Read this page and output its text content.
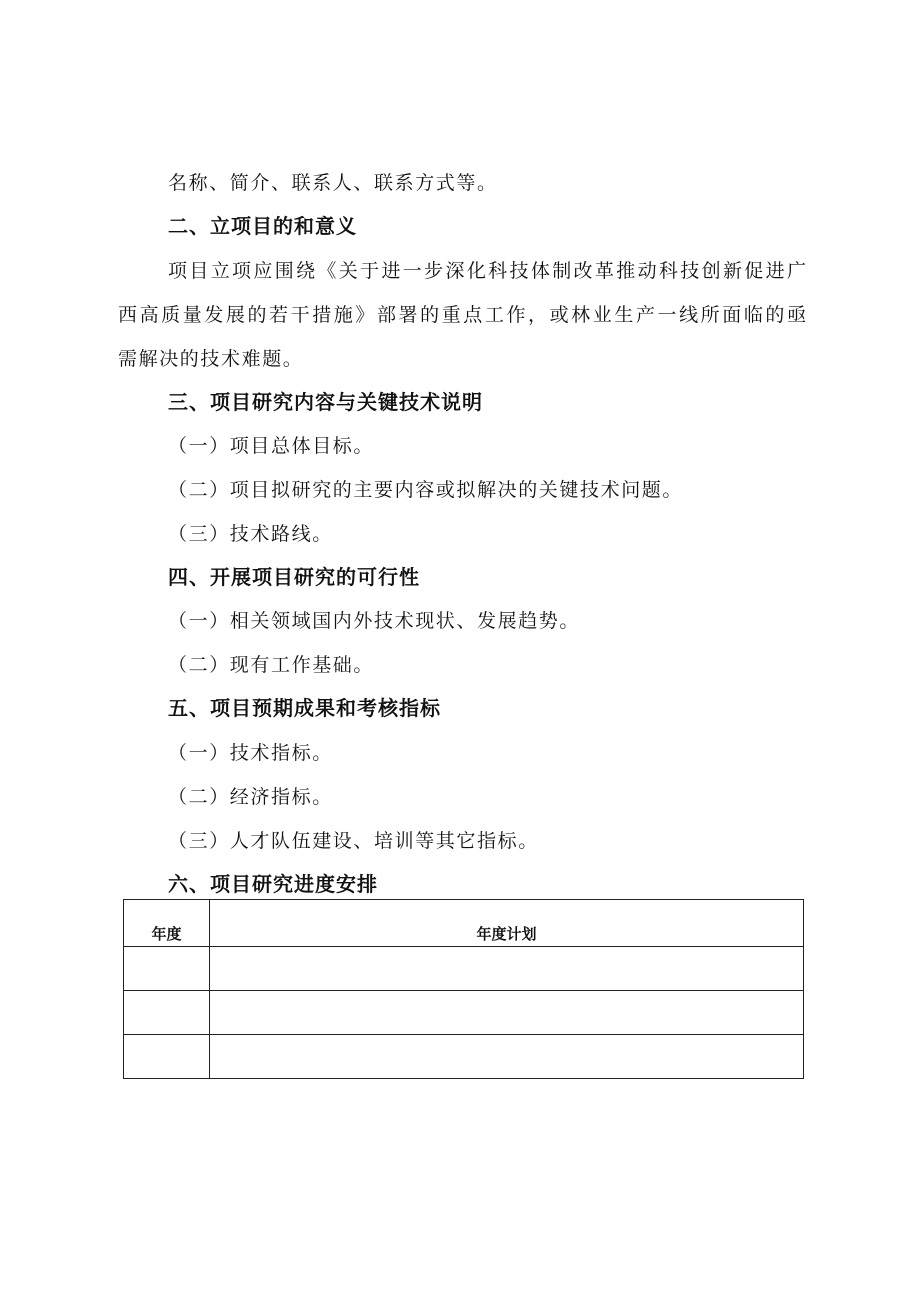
名称、简介、联系人、联系方式等。
二、立项目的和意义
项目立项应围绕《关于进一步深化科技体制改革推动科技创新促进广
西高质量发展的若干措施》部署的重点工作，或林业生产一线所面临的亟
需解决的技术难题。
三、项目研究内容与关键技术说明
（一）项目总体目标。
（二）项目拟研究的主要内容或拟解决的关键技术问题。
（三）技术路线。
四、开展项目研究的可行性
（一）相关领域国内外技术现状、发展趋势。
（二）现有工作基础。
五、项目预期成果和考核指标
（一）技术指标。
（二）经济指标。
（三）人才队伍建设、培训等其它指标。
六、项目研究进度安排
年度	年度计划
